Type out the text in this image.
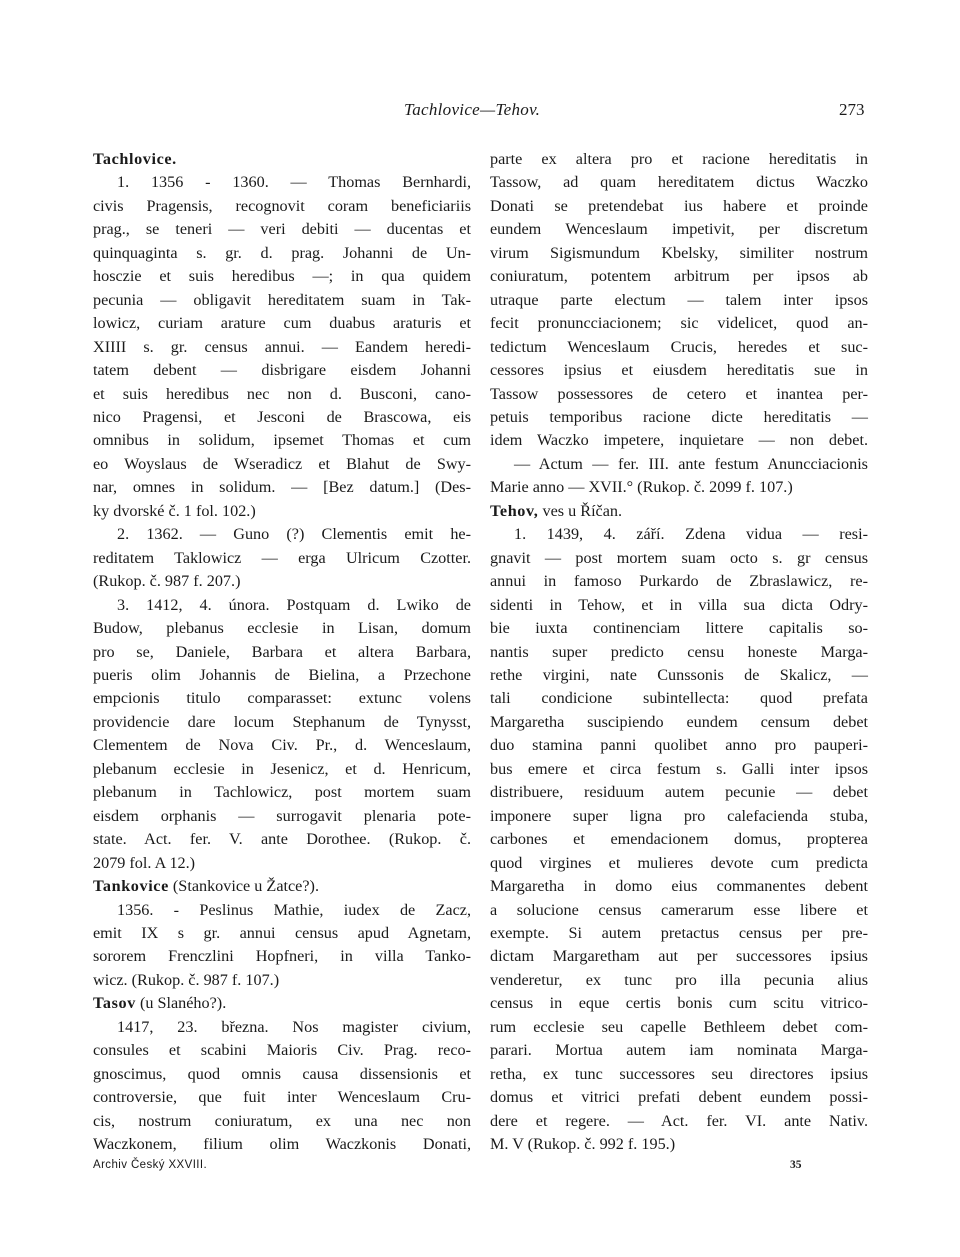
Tachlovice—Tehov.	273
Tachlovice.
1. 1356 - 1360. — Thomas Bernhardi,
civis Pragensis, recognovit coram beneficiariis
prag., se teneri — veri debiti — ducentas et
quinquaginta s. gr. d. prag. Johanni de Un-
hosczie et suis heredibus —; in qua quidem
pecunia — obligavit hereditatem suam in Tak-
lowicz, curiam arature cum duabus araturis et
XIIII s. gr. census annui. — Eandem heredi-
tatem debent — disbrigare eisdem Johanni
et suis heredibus nec non d. Busconi, cano-
nico Pragensi, et Jesconi de Brascowa, eis
omnibus in solidum, ipsemet Thomas et cum
eo Woyslaus de Wseradicz et Blahut de Swy-
nar, omnes in solidum. — [Bez datum.] (Des-
ky dvorské č. 1 fol. 102.)
2. 1362. — Guno (?) Clementis emit he-
reditatem Taklowicz — erga Ulricum Czotter.
(Rukop. č. 987 f. 207.)
3. 1412, 4. února. Postquam d. Lwiko de
Budow, plebanus ecclesie in Lisan, domum
pro se, Daniele, Barbara et altera Barbara,
pueris olim Johannis de Bielina, a Przechone
empcionis titulo comparasset: extunc volens
providencie dare locum Stephanum de Tynysst,
Clementem de Nova Civ. Pr., d. Wenceslaum,
plebanum ecclesie in Jesenicz, et d. Henricum,
plebanum in Tachlowicz, post mortem suam
eisdem orphanis — surrogavit plenaria pote-
state. Act. fer. V. ante Dorothee. (Rukop. č.
2079 fol. A 12.)
Tankovice (Stankovice u Žatce?).
1356. - Peslinus Mathie, iudex de Zacz,
emit IX s gr. annui census apud Agnetam,
sororem Frenczlini Hopfneri, in villa Tanko-
wicz. (Rukop. č. 987 f. 107.)
Tasov (u Slaného?).
1417, 23. března. Nos magister civium,
consules et scabini Maioris Civ. Prag. reco-
gnoscimus, quod omnis causa dissensionis et
controversie, que fuit inter Wenceslaum Cru-
cis, nostrum coniuratum, ex una nec non
Waczkonem, filium olim Waczkonis Donati,
parte ex altera pro et racione hereditatis in
Tassow, ad quam hereditatem dictus Waczko
Donati se pretendebat ius habere et proinde
eundem Wenceslaum impetivit, per discretum
virum Sigismundum Kbelsky, similiter nostrum
coniuratum, potentem arbitrum per ipsos ab
utraque parte electum — talem inter ipsos
fecit pronuncciacionem; sic videlicet, quod an-
tedictum Wenceslaum Crucis, heredes et suc-
cessores ipsius et eiusdem hereditatis sue in
Tassow possessores de cetero et inantea per-
petuis temporibus racione dicte hereditatis —
idem Waczko impetere, inquietare — non debet.
— Actum — fer. III. ante festum Anuncciacionis
Marie anno — XVII.° (Rukop. č. 2099 f. 107.)
Tehov, ves u Říčan.
1. 1439, 4. září. Zdena vidua — resi-
gnavit — post mortem suam octo s. gr census
annui in famoso Purkardo de Zbraslawicz, re-
sidenti in Tehow, et in villa sua dicta Odry-
bie iuxta continenciam littere capitalis so-
nantis super predicto censu honeste Marga-
rethe virgini, nate Cunssonis de Skalicz, —
tali condicione subintellecta: quod prefata
Margaretha suscipiendo eundem censum debet
duo stamina panni quolibet anno pro pauperi-
bus emere et circa festum s. Galli inter ipsos
distribuere, residuum autem pecunie — debet
imponere super ligna pro calefacienda stuba,
carbones et emendacionem domus, propterea
quod virgines et mulieres devote cum predicta
Margaretha in domo eius commanentes debent
a solucione census camerarum esse libere et
exempte. Si autem pretactus census per pre-
dictam Margaretham aut per successores ipsius
venderetur, ex tunc pro illa pecunia alius
census in eque certis bonis cum scitu vitrico-
rum ecclesie seu capelle Bethleem debet com-
parari. Mortua autem iam nominata Marga-
retha, ex tunc successores seu directores ipsius
domus et vitrici prefati debent eundem possi-
dere et regere. — Act. fer. VI. ante Nativ.
M. V (Rukop. č. 992 f. 195.)
Archiv Český XXVIII.	35
